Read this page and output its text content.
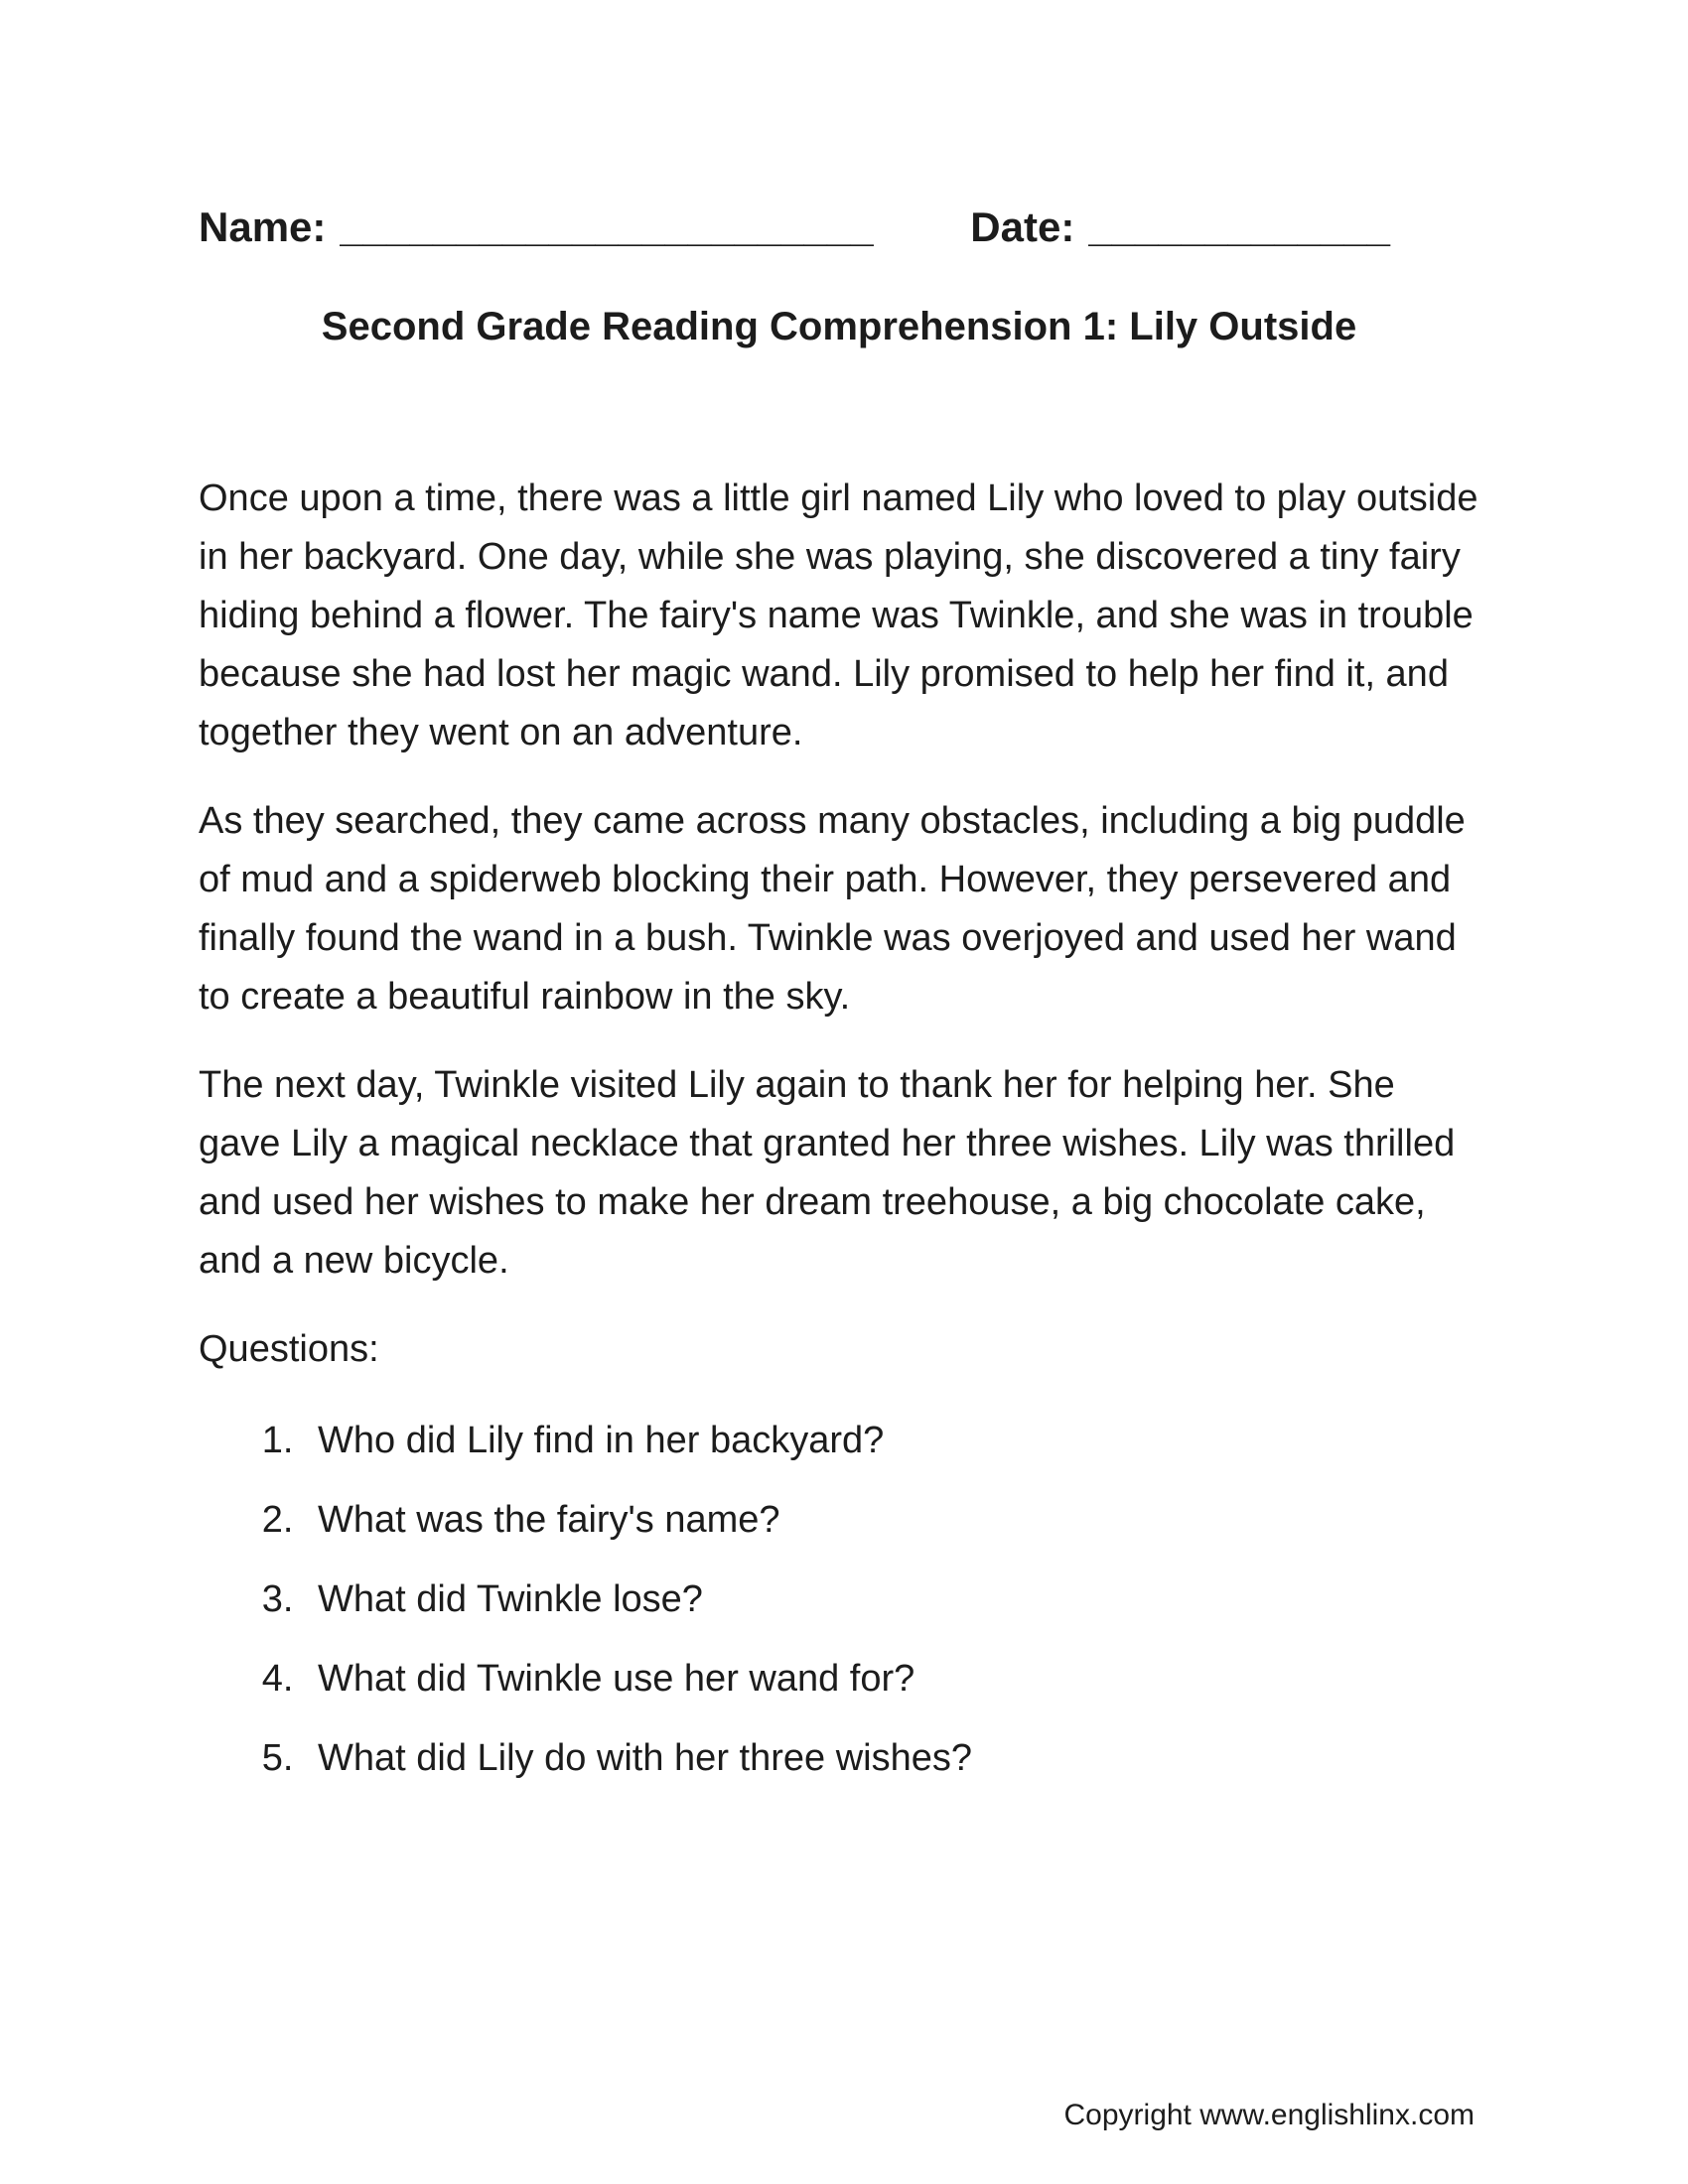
Name: _______________________ Date: _____________
Second Grade Reading Comprehension 1: Lily Outside

Once upon a time, there was a little girl named Lily who loved to play outside in her backyard. One day, while she was playing, she discovered a tiny fairy hiding behind a flower. The fairy's name was Twinkle, and she was in trouble because she had lost her magic wand. Lily promised to help her find it, and together they went on an adventure.

As they searched, they came across many obstacles, including a big puddle of mud and a spiderweb blocking their path. However, they persevered and finally found the wand in a bush. Twinkle was overjoyed and used her wand to create a beautiful rainbow in the sky.

The next day, Twinkle visited Lily again to thank her for helping her. She gave Lily a magical necklace that granted her three wishes. Lily was thrilled and used her wishes to make her dream treehouse, a big chocolate cake, and a new bicycle.

Questions:

1. Who did Lily find in her backyard?
2. What was the fairy's name?
3. What did Twinkle lose?
4. What did Twinkle use her wand for?
5. What did Lily do with her three wishes?
Copyright www.englishlinx.com
